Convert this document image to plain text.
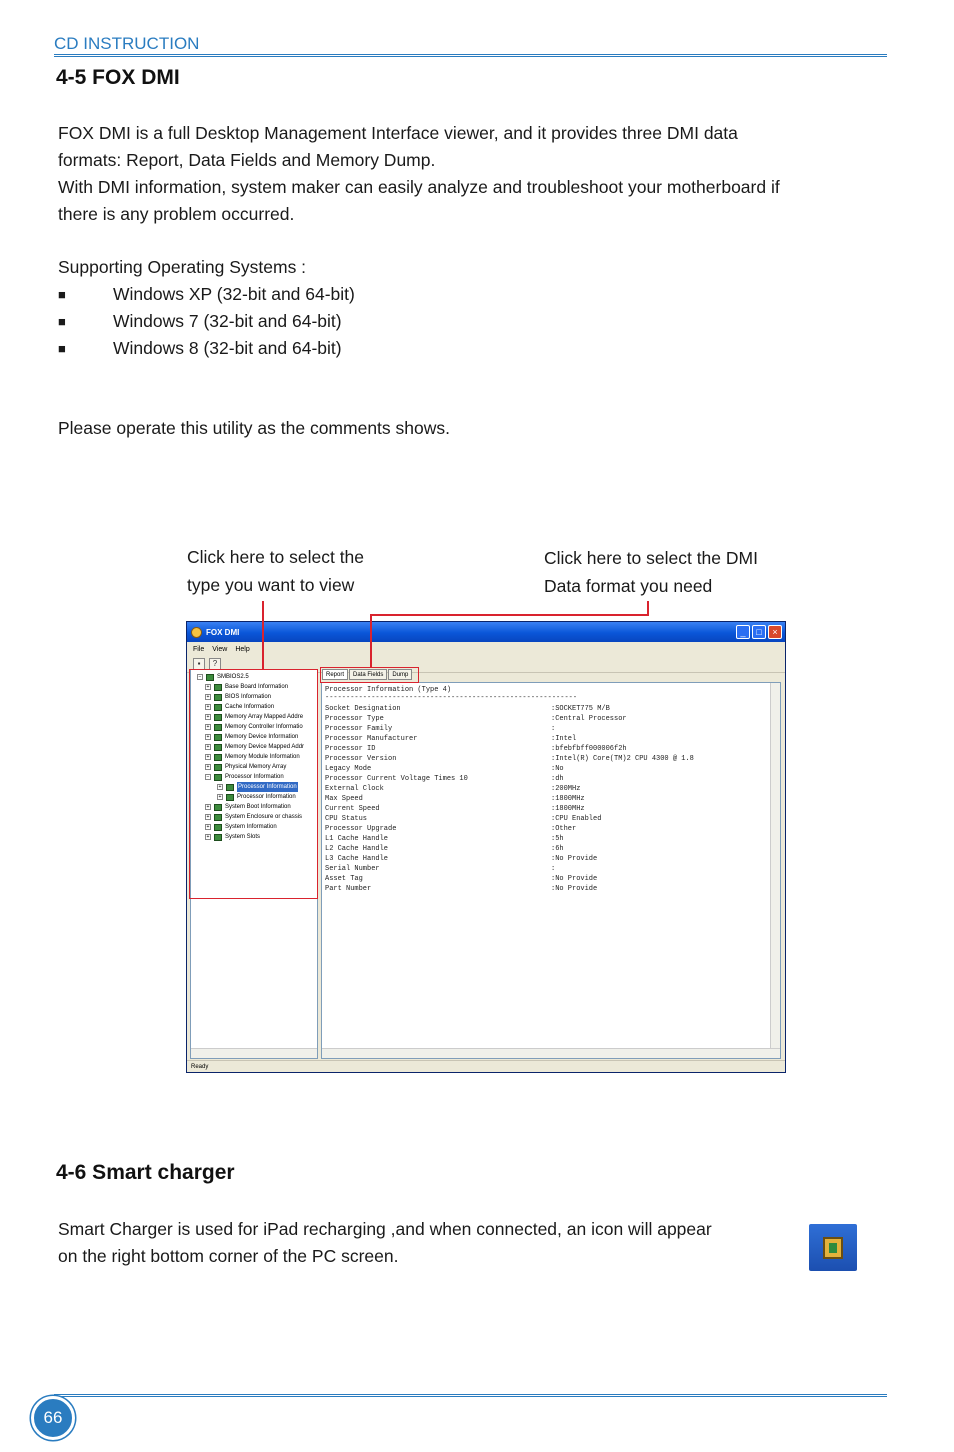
CD INSTRUCTION
4-5 FOX DMI
FOX DMI is a full Desktop Management Interface viewer, and it provides three DMI data
formats: Report, Data Fields and Memory Dump.
With DMI information, system maker can easily analyze and troubleshoot your motherboard if
there is any problem occurred.
Supporting Operating Systems :
■	Windows XP (32-bit and 64-bit)
■	Windows 7 (32-bit and 64-bit)
■	Windows 8 (32-bit and 64-bit)
Please operate this utility as the comments shows.
Click here to select the
type you want to view
Click here to select the DMI
Data format you need
FOX DMI	_	□	×
File View Help
▪	?
−	SMBIOS2.5
+	Base Board Information
+	BIOS Information
+	Cache Information
+	Memory Array Mapped Addre
+	Memory Controller Informatio
+	Memory Device Information
+	Memory Device Mapped Addr
+	Memory Module Information
+	Physical Memory Array
−	Processor Information
+	Processor Information
+	Processor Information
+	System Boot Information
+	System Enclosure or chassis
+	System Information
+	System Slots
Report	Data Fields	Dump
Processor Information (Type 4)
------------------------------------------------------------
Socket Designation	:SOCKET775 M/B
Processor Type	:Central Processor
Processor Family	:
Processor Manufacturer	:Intel
Processor ID	:bfebfbff000006f2h
Processor Version	:Intel(R) Core(TM)2 CPU 4300 @ 1.8
Legacy Mode	:No
Processor Current Voltage Times 10	:dh
External Clock	:200MHz
Max Speed	:1800MHz
Current Speed	:1800MHz
CPU Status	:CPU Enabled
Processor Upgrade	:Other
L1 Cache Handle	:5h
L2 Cache Handle	:6h
L3 Cache Handle	:No Provide
Serial Number	:
Asset Tag	:No Provide
Part Number	:No Provide
Ready
4-6 Smart charger
Smart Charger is used for iPad recharging ,and when connected, an icon will appear
on the right bottom corner of the PC screen.
66
